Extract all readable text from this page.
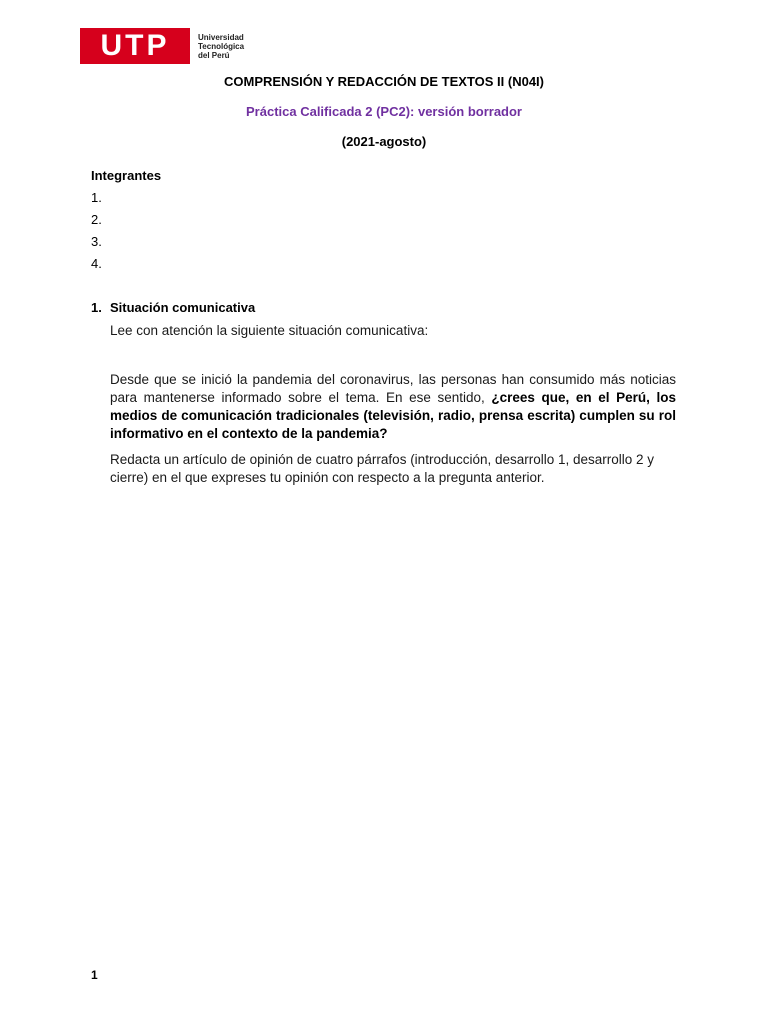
UTP	Universidad
Tecnológica
del Perú
COMPRENSIÓN Y REDACCIÓN DE TEXTOS II (N04I)
Práctica Calificada 2 (PC2): versión borrador
(2021-agosto)
Integrantes
1.
2.
3.
4.
1. Situación comunicativa
Lee con atención la siguiente situación comunicativa:
Desde que se inició la pandemia del coronavirus, las personas han consumido más noticias para mantenerse informado sobre el tema. En ese sentido, ¿crees que, en el Perú, los medios de comunicación tradicionales (televisión, radio, prensa escrita) cumplen su rol informativo en el contexto de la pandemia?
Redacta un artículo de opinión de cuatro párrafos (introducción, desarrollo 1, desarrollo 2 y cierre) en el que expreses tu opinión con respecto a la pregunta anterior.
1
